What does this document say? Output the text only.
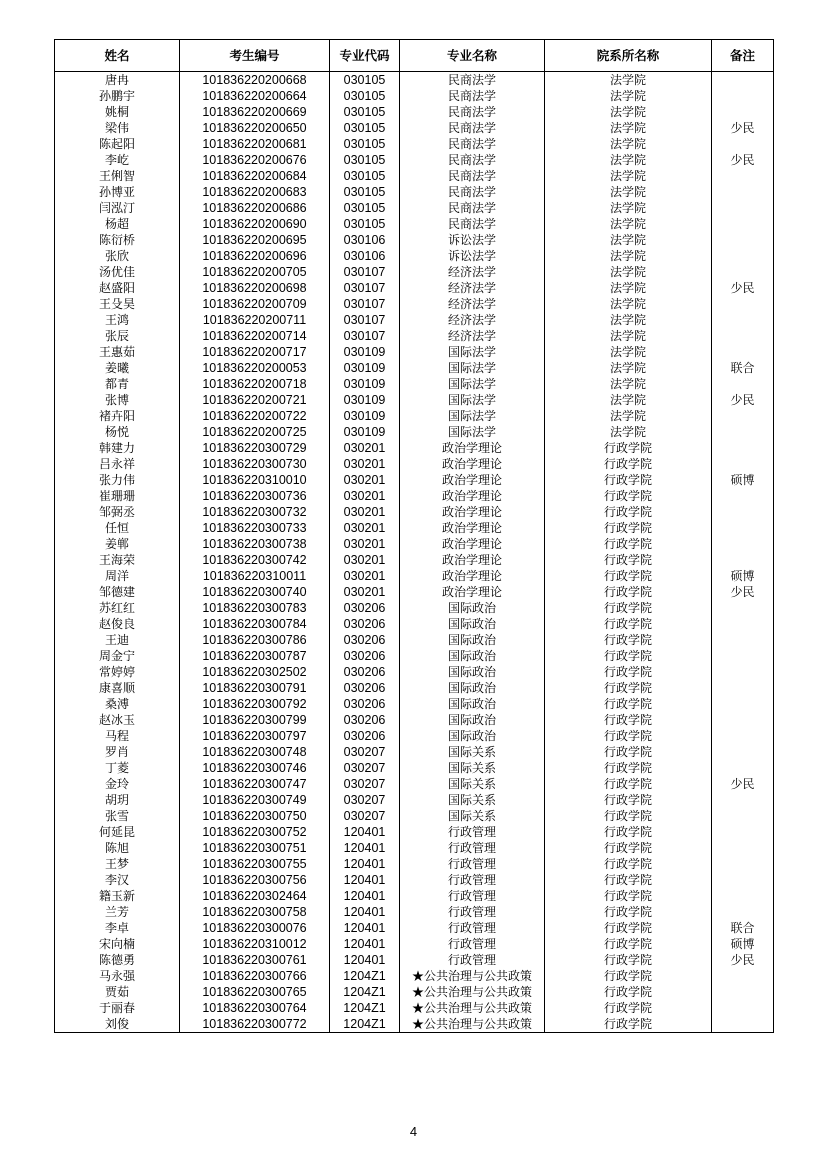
姓名	考生编号	专业代码	专业名称	院系所名称	备注
唐冉	101836220200668	030105	民商法学	法学院	
孙鹏宇	101836220200664	030105	民商法学	法学院	
姚桐	101836220200669	030105	民商法学	法学院	
梁伟	101836220200650	030105	民商法学	法学院	少民
陈起阳	101836220200681	030105	民商法学	法学院	
李屹	101836220200676	030105	民商法学	法学院	少民
王俐智	101836220200684	030105	民商法学	法学院	
孙博亚	101836220200683	030105	民商法学	法学院	
闫泓汀	101836220200686	030105	民商法学	法学院	
杨超	101836220200690	030105	民商法学	法学院	
陈衍桥	101836220200695	030106	诉讼法学	法学院	
张欣	101836220200696	030106	诉讼法学	法学院	
汤优佳	101836220200705	030107	经济法学	法学院	
赵盛阳	101836220200698	030107	经济法学	法学院	少民
王殳昊	101836220200709	030107	经济法学	法学院	
王鸿	101836220200711	030107	经济法学	法学院	
张辰	101836220200714	030107	经济法学	法学院	
王惠茹	101836220200717	030109	国际法学	法学院	
姜曦	101836220200053	030109	国际法学	法学院	联合
都青	101836220200718	030109	国际法学	法学院	
张博	101836220200721	030109	国际法学	法学院	少民
褚卉阳	101836220200722	030109	国际法学	法学院	
杨悦	101836220200725	030109	国际法学	法学院	
韩建力	101836220300729	030201	政治学理论	行政学院	
吕永祥	101836220300730	030201	政治学理论	行政学院	
张力伟	101836220310010	030201	政治学理论	行政学院	硕博
崔珊珊	101836220300736	030201	政治学理论	行政学院	
邹弼丞	101836220300732	030201	政治学理论	行政学院	
任恒	101836220300733	030201	政治学理论	行政学院	
姜郸	101836220300738	030201	政治学理论	行政学院	
王海荣	101836220300742	030201	政治学理论	行政学院	
周洋	101836220310011	030201	政治学理论	行政学院	硕博
邹德建	101836220300740	030201	政治学理论	行政学院	少民
苏红红	101836220300783	030206	国际政治	行政学院	
赵俊良	101836220300784	030206	国际政治	行政学院	
王迪	101836220300786	030206	国际政治	行政学院	
周金宁	101836220300787	030206	国际政治	行政学院	
常婷婷	101836220302502	030206	国际政治	行政学院	
康喜顺	101836220300791	030206	国际政治	行政学院	
桑溥	101836220300792	030206	国际政治	行政学院	
赵冰玉	101836220300799	030206	国际政治	行政学院	
马程	101836220300797	030206	国际政治	行政学院	
罗肖	101836220300748	030207	国际关系	行政学院	
丁菱	101836220300746	030207	国际关系	行政学院	
金玲	101836220300747	030207	国际关系	行政学院	少民
胡玥	101836220300749	030207	国际关系	行政学院	
张雪	101836220300750	030207	国际关系	行政学院	
何延昆	101836220300752	120401	行政管理	行政学院	
陈旭	101836220300751	120401	行政管理	行政学院	
王梦	101836220300755	120401	行政管理	行政学院	
李汉	101836220300756	120401	行政管理	行政学院	
籍玉新	101836220302464	120401	行政管理	行政学院	
兰芳	101836220300758	120401	行政管理	行政学院	
李卓	101836220300076	120401	行政管理	行政学院	联合
宋向楠	101836220310012	120401	行政管理	行政学院	硕博
陈德勇	101836220300761	120401	行政管理	行政学院	少民
马永强	101836220300766	1204Z1	★公共治理与公共政策	行政学院	
贾茹	101836220300765	1204Z1	★公共治理与公共政策	行政学院	
于丽春	101836220300764	1204Z1	★公共治理与公共政策	行政学院	
刘俊	101836220300772	1204Z1	★公共治理与公共政策	行政学院	
4
